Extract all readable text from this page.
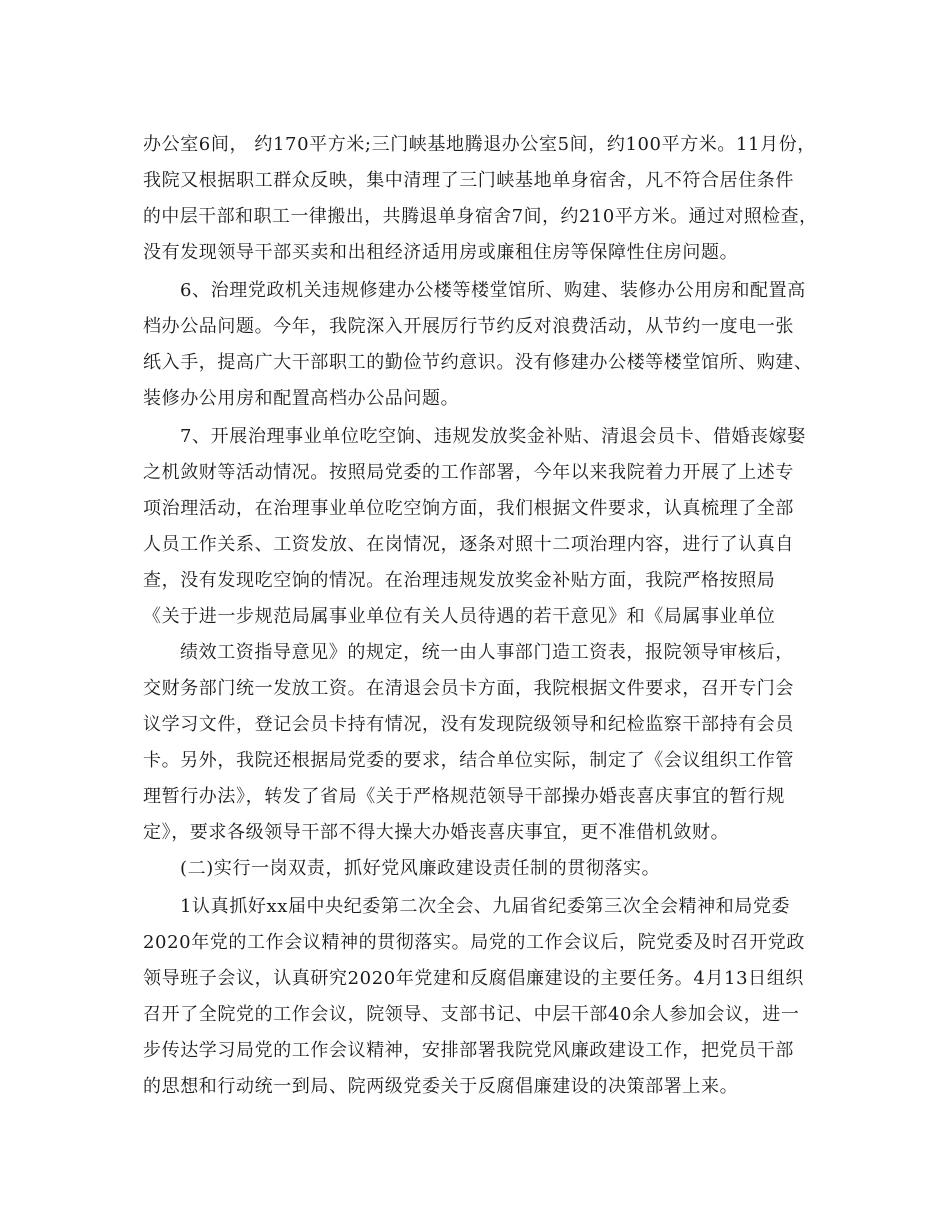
办公室6间， 约170平方米;三门峡基地腾退办公室5间，约100平方米。11月份，
我院又根据职工群众反映，集中清理了三门峡基地单身宿舍，凡不符合居住条件
的中层干部和职工一律搬出，共腾退单身宿舍7间，约210平方米。通过对照检查，
没有发现领导干部买卖和出租经济适用房或廉租住房等保障性住房问题。
6、治理党政机关违规修建办公楼等楼堂馆所、购建、装修办公用房和配置高
档办公品问题。今年，我院深入开展厉行节约反对浪费活动，从节约一度电一张
纸入手，提高广大干部职工的勤俭节约意识。没有修建办公楼等楼堂馆所、购建、
装修办公用房和配置高档办公品问题。
7、开展治理事业单位吃空饷、违规发放奖金补贴、清退会员卡、借婚丧嫁娶
之机敛财等活动情况。按照局党委的工作部署，今年以来我院着力开展了上述专
项治理活动，在治理事业单位吃空饷方面，我们根据文件要求，认真梳理了全部
人员工作关系、工资发放、在岗情况，逐条对照十二项治理内容，进行了认真自
查，没有发现吃空饷的情况。在治理违规发放奖金补贴方面，我院严格按照局
《关于进一步规范局属事业单位有关人员待遇的若干意见》和《局属事业单位
绩效工资指导意见》的规定，统一由人事部门造工资表，报院领导审核后，
交财务部门统一发放工资。在清退会员卡方面，我院根据文件要求，召开专门会
议学习文件，登记会员卡持有情况，没有发现院级领导和纪检监察干部持有会员
卡。另外，我院还根据局党委的要求，结合单位实际，制定了《会议组织工作管
理暂行办法》，转发了省局《关于严格规范领导干部操办婚丧喜庆事宜的暂行规
定》，要求各级领导干部不得大操大办婚丧喜庆事宜，更不准借机敛财。
(二)实行一岗双责，抓好党风廉政建设责任制的贯彻落实。
1认真抓好xx届中央纪委第二次全会、九届省纪委第三次全会精神和局党委
2020年党的工作会议精神的贯彻落实。局党的工作会议后，院党委及时召开党政
领导班子会议，认真研究2020年党建和反腐倡廉建设的主要任务。4月13日组织
召开了全院党的工作会议，院领导、支部书记、中层干部40余人参加会议，进一
步传达学习局党的工作会议精神，安排部署我院党风廉政建设工作，把党员干部
的思想和行动统一到局、院两级党委关于反腐倡廉建设的决策部署上来。
